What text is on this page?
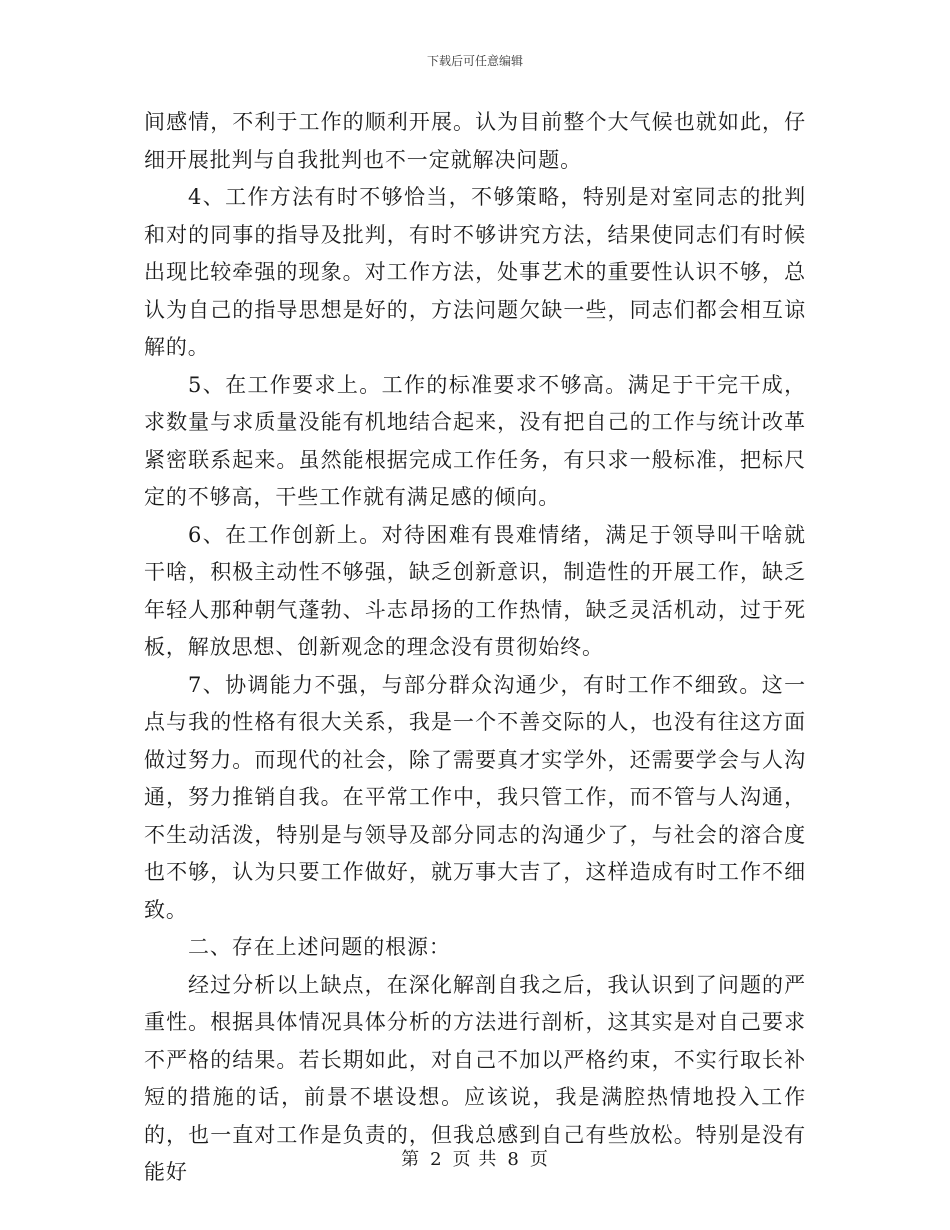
下载后可任意编辑

间感情，不利于工作的顺利开展。认为目前整个大气候也就如此，仔细开展批判与自我批判也不一定就解决问题。

4、工作方法有时不够恰当，不够策略，特别是对室同志的批判和对的同事的指导及批判，有时不够讲究方法，结果使同志们有时候出现比较牵强的现象。对工作方法，处事艺术的重要性认识不够，总认为自己的指导思想是好的，方法问题欠缺一些，同志们都会相互谅解的。

5、在工作要求上。工作的标准要求不够高。满足于干完干成，求数量与求质量没能有机地结合起来，没有把自己的工作与统计改革紧密联系起来。虽然能根据完成工作任务，有只求一般标准，把标尺定的不够高，干些工作就有满足感的倾向。

6、在工作创新上。对待困难有畏难情绪，满足于领导叫干啥就干啥，积极主动性不够强，缺乏创新意识，制造性的开展工作，缺乏年轻人那种朝气蓬勃、斗志昂扬的工作热情，缺乏灵活机动，过于死板，解放思想、创新观念的理念没有贯彻始终。

7、协调能力不强，与部分群众沟通少，有时工作不细致。这一点与我的性格有很大关系，我是一个不善交际的人，也没有往这方面做过努力。而现代的社会，除了需要真才实学外，还需要学会与人沟通，努力推销自我。在平常工作中，我只管工作，而不管与人沟通，不生动活泼，特别是与领导及部分同志的沟通少了，与社会的溶合度也不够，认为只要工作做好，就万事大吉了，这样造成有时工作不细致。

二、存在上述问题的根源：

经过分析以上缺点，在深化解剖自我之后，我认识到了问题的严重性。根据具体情况具体分析的方法进行剖析，这其实是对自己要求不严格的结果。若长期如此，对自己不加以严格约束，不实行取长补短的措施的话，前景不堪设想。应该说，我是满腔热情地投入工作的，也一直对工作是负责的，但我总感到自己有些放松。特别是没有能好

第 2 页 共 8 页
